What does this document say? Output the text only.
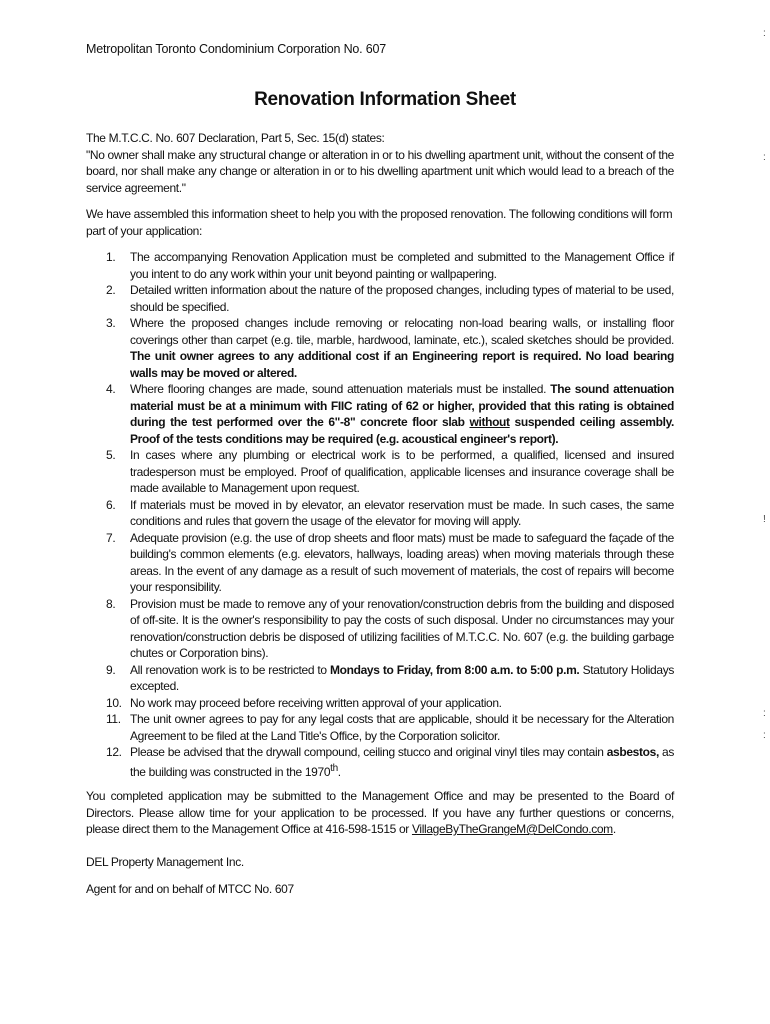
Metropolitan Toronto Condominium Corporation No. 607
Renovation Information Sheet

The M.T.C.C. No. 607 Declaration, Part 5, Sec. 15(d) states:

"No owner shall make any structural change or alteration in or to his dwelling apartment unit, without the consent of the board, nor shall make any change or alteration in or to his dwelling apartment unit which would lead to a breach of the service agreement."

We have assembled this information sheet to help you with the proposed renovation. The following conditions will form part of your application:

1. The accompanying Renovation Application must be completed and submitted to the Management Office if you intent to do any work within your unit beyond painting or wallpapering.
2. Detailed written information about the nature of the proposed changes, including types of material to be used, should be specified.
3. Where the proposed changes include removing or relocating non-load bearing walls, or installing floor coverings other than carpet (e.g. tile, marble, hardwood, laminate, etc.), scaled sketches should be provided. The unit owner agrees to any additional cost if an Engineering report is required. No load bearing walls may be moved or altered.
4. Where flooring changes are made, sound attenuation materials must be installed. The sound attenuation material must be at a minimum with FIIC rating of 62 or higher, provided that this rating is obtained during the test performed over the 6"-8" concrete floor slab without suspended ceiling assembly. Proof of the tests conditions may be required (e.g. acoustical engineer's report).
5. In cases where any plumbing or electrical work is to be performed, a qualified, licensed and insured tradesperson must be employed. Proof of qualification, applicable licenses and insurance coverage shall be made available to Management upon request.
6. If materials must be moved in by elevator, an elevator reservation must be made. In such cases, the same conditions and rules that govern the usage of the elevator for moving will apply.
7. Adequate provision (e.g. the use of drop sheets and floor mats) must be made to safeguard the façade of the building's common elements (e.g. elevators, hallways, loading areas) when moving materials through these areas. In the event of any damage as a result of such movement of materials, the cost of repairs will become your responsibility.
8. Provision must be made to remove any of your renovation/construction debris from the building and disposed of off-site. It is the owner's responsibility to pay the costs of such disposal. Under no circumstances may your renovation/construction debris be disposed of utilizing facilities of M.T.C.C. No. 607 (e.g. the building garbage chutes or Corporation bins).
9. All renovation work is to be restricted to Mondays to Friday, from 8:00 a.m. to 5:00 p.m. Statutory Holidays excepted.
10. No work may proceed before receiving written approval of your application.
11. The unit owner agrees to pay for any legal costs that are applicable, should it be necessary for the Alteration Agreement to be filed at the Land Title's Office, by the Corporation solicitor.
12. Please be advised that the drywall compound, ceiling stucco and original vinyl tiles may contain asbestos, as the building was constructed in the 1970th.

You completed application may be submitted to the Management Office and may be presented to the Board of Directors. Please allow time for your application to be processed. If you have any further questions or concerns, please direct them to the Management Office at 416-598-1515 or VillageByTheGrangeM@DelCondo.com.

DEL Property Management Inc.

Agent for and on behalf of MTCC No. 607

:
:
!
:
:
